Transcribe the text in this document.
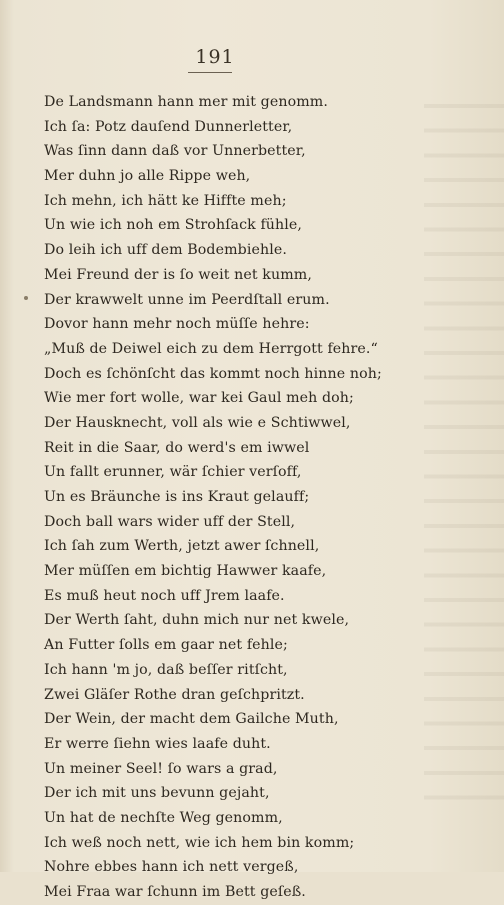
191
De Landsmann hann mer mit genomm.
Ich ſa: Potz dauſend Dunnerletter,
Was ſinn dann daß vor Unnerbetter,
Mer duhn jo alle Rippe weh,
Ich mehn, ich hätt ke Hiffte meh;
Un wie ich noh em Strohſack fühle,
Do leih ich uff dem Bodembiehle.
Mei Freund der is ſo weit net kumm,
Der krawwelt unne im Peerdſtall erum.
Dovor hann mehr noch müſſe hehre:
„Muß de Deiwel eich zu dem Herrgott fehre.“
Doch es ſchönſcht das kommt noch hinne noh;
Wie mer fort wolle, war kei Gaul meh doh;
Der Hausknecht, voll als wie e Schtiwwel,
Reit in die Saar, do werd's em iwwel
Un fallt erunner, wär ſchier verſoff,
Un es Bräunche is ins Kraut gelauff;
Doch ball wars wider uff der Stell,
Ich ſah zum Werth, jetzt awer ſchnell,
Mer müſſen em bichtig Hawwer kaafe,
Es muß heut noch uff Jrem laafe.
Der Werth ſaht, duhn mich nur net kwele,
An Futter ſolls em gaar net fehle;
Ich hann 'm jo, daß beſſer ritſcht,
Zwei Gläſer Rothe dran geſchpritzt.
Der Wein, der macht dem Gailche Muth,
Er werre ſiehn wies laafe duht.
Un meiner Seel! ſo wars a grad,
Der ich mit uns bevunn gejaht,
Un hat de nechſte Weg genomm,
Ich weß noch nett, wie ich hem bin komm;
Nohre ebbes hann ich nett vergeß,
Mei Fraa war ſchunn im Bett geſeß.
